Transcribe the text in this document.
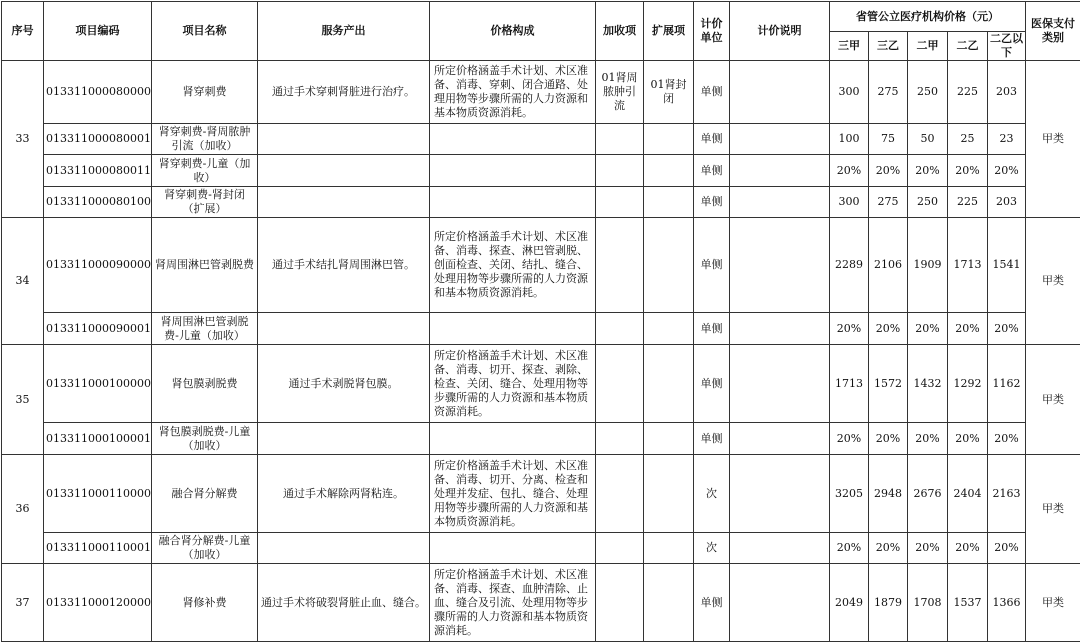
序号	项目编码	项目名称	服务产出	价格构成	加收项	扩展项	计价单位	计价说明	省管公立医疗机构价格（元）					医保支付类别
									三甲	三乙	二甲	二乙	二乙以下	
33	013311000080000	肾穿刺费	通过手术穿刺肾脏进行治疗。	所定价格涵盖手术计划、术区准备、消毒、穿刺、闭合通路、处理用物等步骤所需的人力资源和基本物质资源消耗。	01肾周脓肿引流	01肾封闭	单侧		300	275	250	225	203	甲类
	013311000080001	肾穿刺费-肾周脓肿引流（加收）					单侧		100	75	50	25	23	
	013311000080011	肾穿刺费-儿童（加收）					单侧		20%	20%	20%	20%	20%	
	013311000080100	肾穿刺费-肾封闭（扩展）					单侧		300	275	250	225	203	
34	013311000090000	肾周围淋巴管剥脱费	通过手术结扎肾周围淋巴管。	所定价格涵盖手术计划、术区准备、消毒、探查、淋巴管剥脱、创面检查、关闭、结扎、缝合、处理用物等步骤所需的人力资源和基本物质资源消耗。			单侧		2289	2106	1909	1713	1541	甲类
	013311000090001	肾周围淋巴管剥脱费-儿童（加收）					单侧		20%	20%	20%	20%	20%	
35	013311000100000	肾包膜剥脱费	通过手术剥脱肾包膜。	所定价格涵盖手术计划、术区准备、消毒、切开、探查、剥除、检查、关闭、缝合、处理用物等步骤所需的人力资源和基本物质资源消耗。			单侧		1713	1572	1432	1292	1162	甲类
	013311000100001	肾包膜剥脱费-儿童（加收）					单侧		20%	20%	20%	20%	20%	
36	013311000110000	融合肾分解费	通过手术解除两肾粘连。	所定价格涵盖手术计划、术区准备、消毒、切开、分离、检查和处理并发症、包扎、缝合、处理用物等步骤所需的人力资源和基本物质资源消耗。			次		3205	2948	2676	2404	2163	甲类
	013311000110001	融合肾分解费-儿童（加收）					次		20%	20%	20%	20%	20%	
37	013311000120000	肾修补费	通过手术将破裂肾脏止血、缝合。	所定价格涵盖手术计划、术区准备、消毒、探查、血肿清除、止血、缝合及引流、处理用物等步骤所需的人力资源和基本物质资源消耗。			单侧		2049	1879	1708	1537	1366	甲类
